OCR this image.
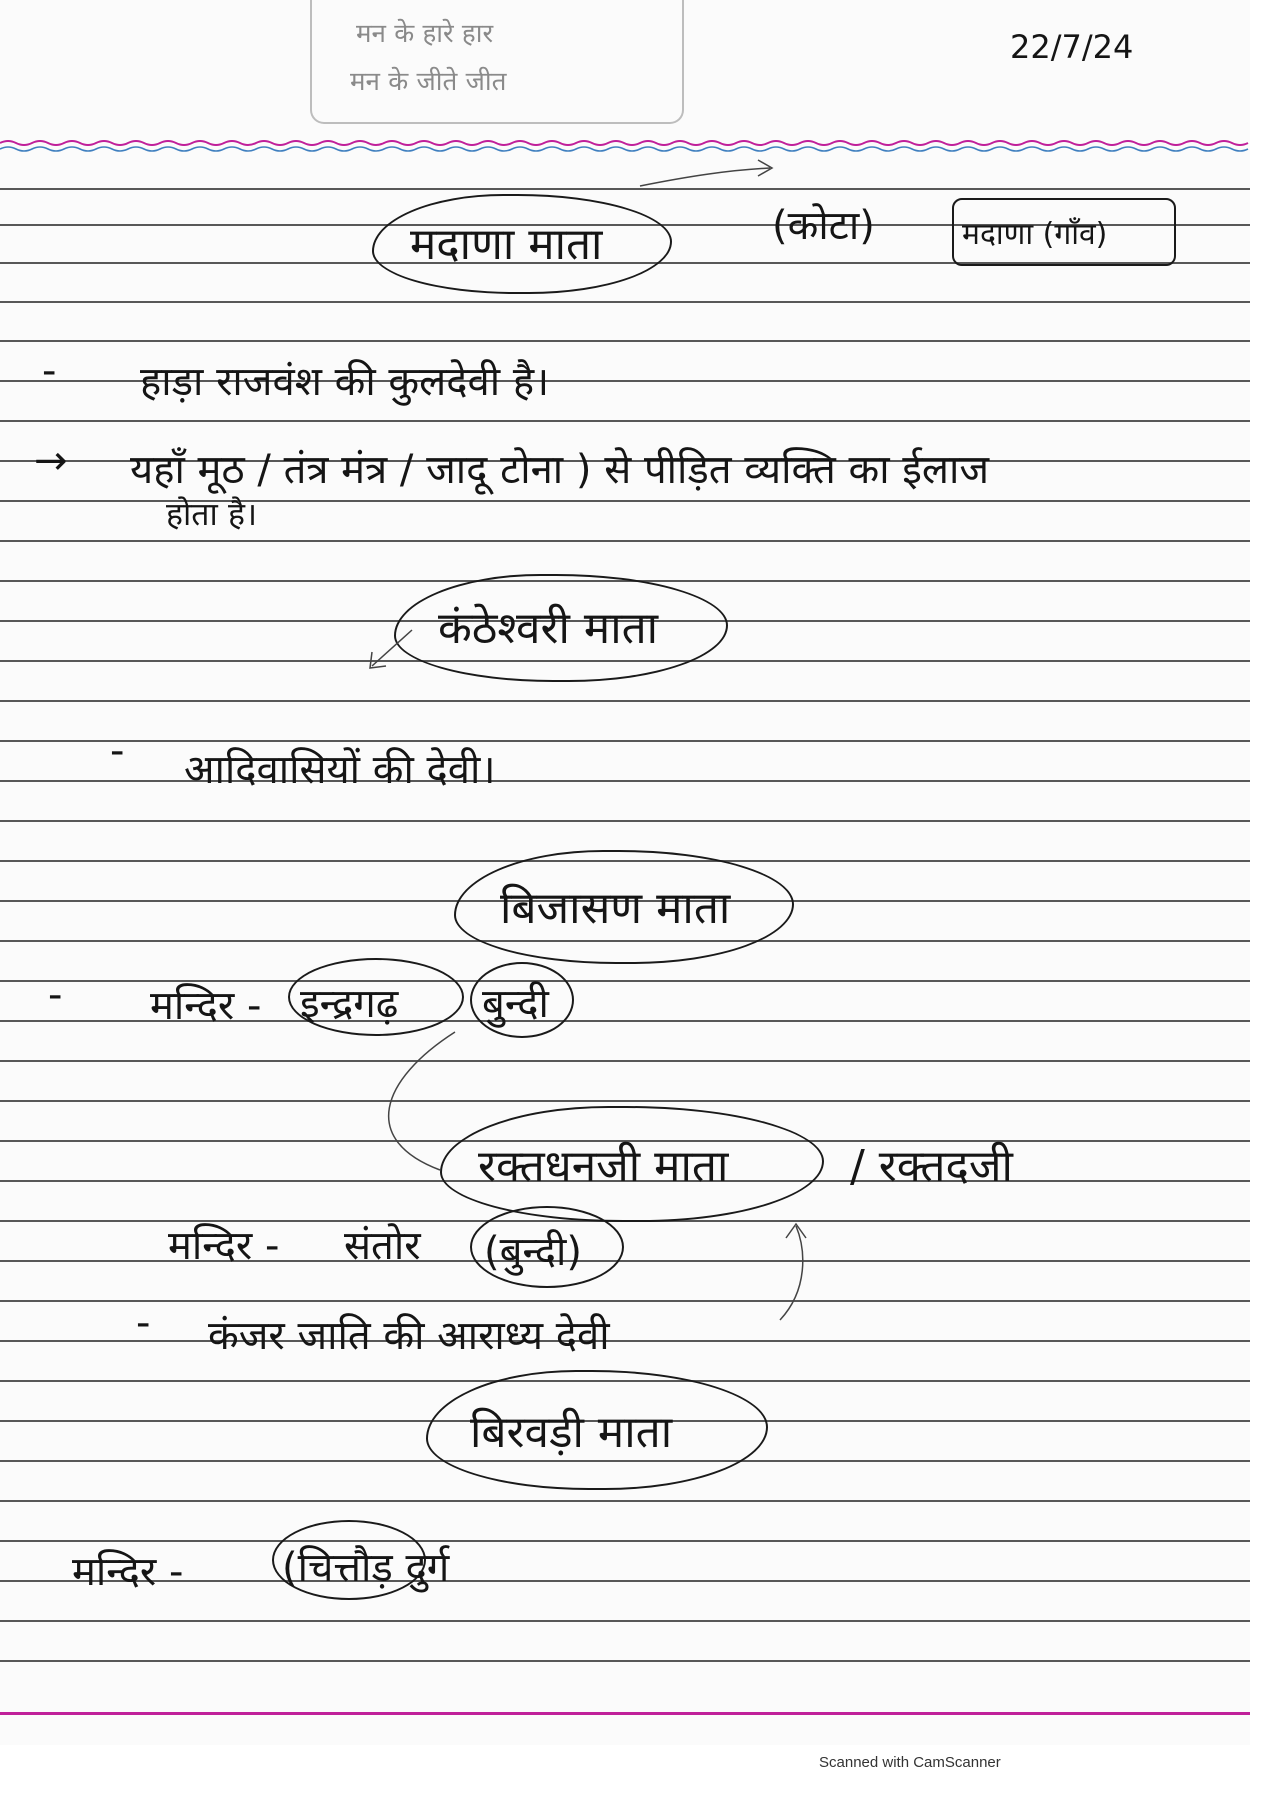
मन के हारे हार
मन के जीते जीत
22/7/24
मदाणा माता	(कोटा)	मदाणा (गाँव)
- हाड़ा राजवंश की कुलदेवी है।
→ यहाँ मूठ / तंत्र मंत्र / जादू टोना ) से पीड़ित व्यक्ति का ईलाज
होता है।
कंठेश्वरी माता
- आदिवासियों की देवी।
बिजासण माता
- मन्दिर - इन्द्रगढ़ बुन्दी
रक्तधनजी माता	/ रक्तदजी
मन्दिर - संतोर (बुन्दी)
- कंजर जाति की आराध्य देवी
बिरवड़ी माता
मन्दिर - (चित्तौड़ दुर्ग
Scanned with CamScanner
